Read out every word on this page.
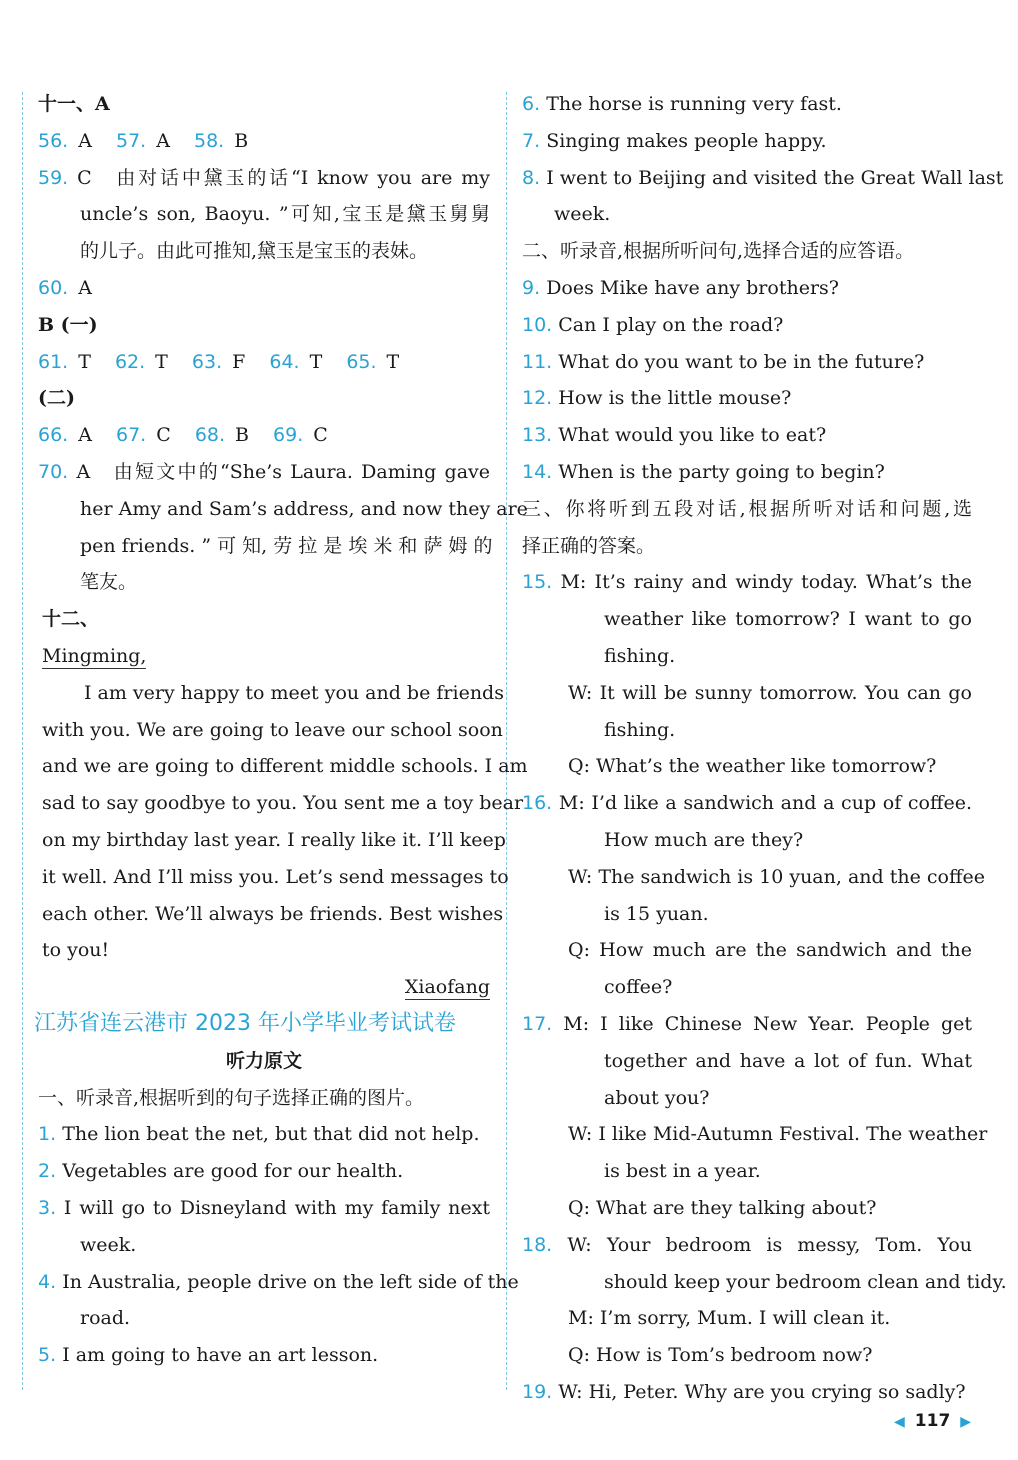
十一、A
56. A 57. A 58. B
59. C　由对话中黛玉的话“I know you are my
uncle’s son, Baoyu. ”可知,宝玉是黛玉舅舅
的儿子。由此可推知,黛玉是宝玉的表妹。
60. A
B (一)
61. T 62. T 63. F 64. T 65. T
(二)
66. A 67. C 68. B 69. C
70. A　由短文中的“She’s Laura. Daming gave
her Amy and Sam’s address, and now they are
pen friends. ” 可 知, 劳 拉 是 埃 米 和 萨 姆 的
笔友。
十二、
Mingming,
I am very happy to meet you and be friends
with you. We are going to leave our school soon
and we are going to different middle schools. I am
sad to say goodbye to you. You sent me a toy bear
on my birthday last year. I really like it. I’ll keep
it well. And I’ll miss you. Let’s send messages to
each other. We’ll always be friends. Best wishes
to you!
Xiaofang
江苏省连云港市 2023 年小学毕业考试试卷
听力原文
一、听录音,根据听到的句子选择正确的图片。
1. The lion beat the net, but that did not help.
2. Vegetables are good for our health.
3. I will go to Disneyland with my family next
week.
4. In Australia, people drive on the left side of the
road.
5. I am going to have an art lesson.
6. The horse is running very fast.
7. Singing makes people happy.
8. I went to Beijing and visited the Great Wall last
week.
二、听录音,根据所听问句,选择合适的应答语。
9. Does Mike have any brothers?
10. Can I play on the road?
11. What do you want to be in the future?
12. How is the little mouse?
13. What would you like to eat?
14. When is the party going to begin?
三、你将听到五段对话,根据所听对话和问题,选
择正确的答案。
15. M: It’s rainy and windy today. What’s the
weather like tomorrow? I want to go
fishing.
W: It will be sunny tomorrow. You can go
fishing.
Q: What’s the weather like tomorrow?
16. M: I’d like a sandwich and a cup of coffee.
How much are they?
W: The sandwich is 10 yuan, and the coffee
is 15 yuan.
Q: How much are the sandwich and the
coffee?
17. M: I like Chinese New Year. People get
together and have a lot of fun. What
about you?
W: I like Mid-Autumn Festival. The weather
is best in a year.
Q: What are they talking about?
18. W: Your bedroom is messy, Tom. You
should keep your bedroom clean and tidy.
M: I’m sorry, Mum. I will clean it.
Q: How is Tom’s bedroom now?
19. W: Hi, Peter. Why are you crying so sadly?
◀ 117 ▶
